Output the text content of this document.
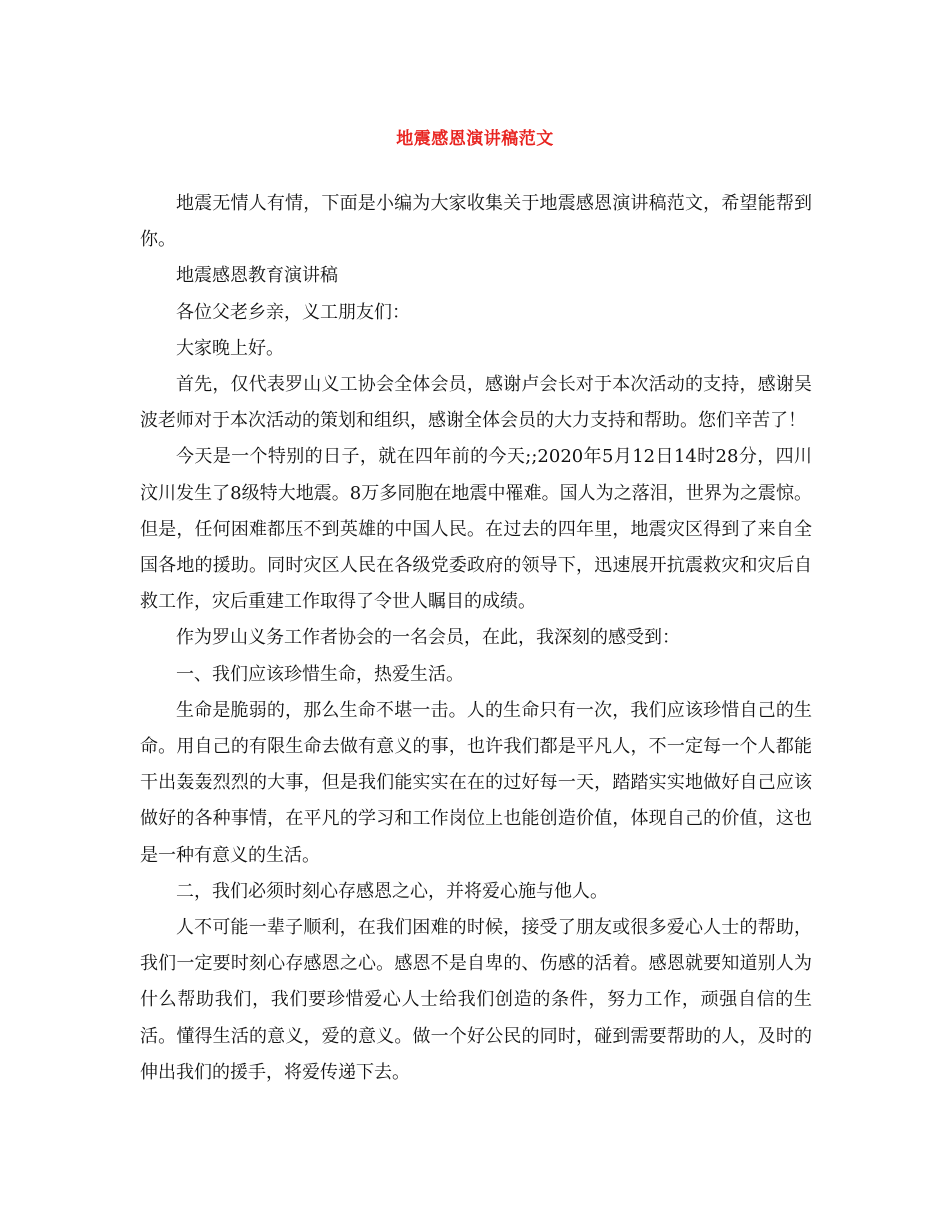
地震感恩演讲稿范文

地震无情人有情，下面是小编为大家收集关于地震感恩演讲稿范文，希望能帮到你。

地震感恩教育演讲稿

各位父老乡亲，义工朋友们：

大家晚上好。

首先，仅代表罗山义工协会全体会员，感谢卢会长对于本次活动的支持，感谢吴波老师对于本次活动的策划和组织，感谢全体会员的大力支持和帮助。您们辛苦了！

今天是一个特别的日子，就在四年前的今天;;2020年5月12日14时28分，四川汶川发生了8级特大地震。8万多同胞在地震中罹难。国人为之落泪，世界为之震惊。但是，任何困难都压不到英雄的中国人民。在过去的四年里，地震灾区得到了来自全国各地的援助。同时灾区人民在各级党委政府的领导下，迅速展开抗震救灾和灾后自救工作，灾后重建工作取得了令世人瞩目的成绩。

作为罗山义务工作者协会的一名会员，在此，我深刻的感受到：

一、我们应该珍惜生命，热爱生活。

生命是脆弱的，那么生命不堪一击。人的生命只有一次，我们应该珍惜自己的生命。用自己的有限生命去做有意义的事，也许我们都是平凡人，不一定每一个人都能干出轰轰烈烈的大事，但是我们能实实在在的过好每一天，踏踏实实地做好自己应该做好的各种事情，在平凡的学习和工作岗位上也能创造价值，体现自己的价值，这也是一种有意义的生活。

二，我们必须时刻心存感恩之心，并将爱心施与他人。

人不可能一辈子顺利，在我们困难的时候，接受了朋友或很多爱心人士的帮助，我们一定要时刻心存感恩之心。感恩不是自卑的、伤感的活着。感恩就要知道别人为什么帮助我们，我们要珍惜爱心人士给我们创造的条件，努力工作，顽强自信的生活。懂得生活的意义，爱的意义。做一个好公民的同时，碰到需要帮助的人，及时的伸出我们的援手，将爱传递下去。
